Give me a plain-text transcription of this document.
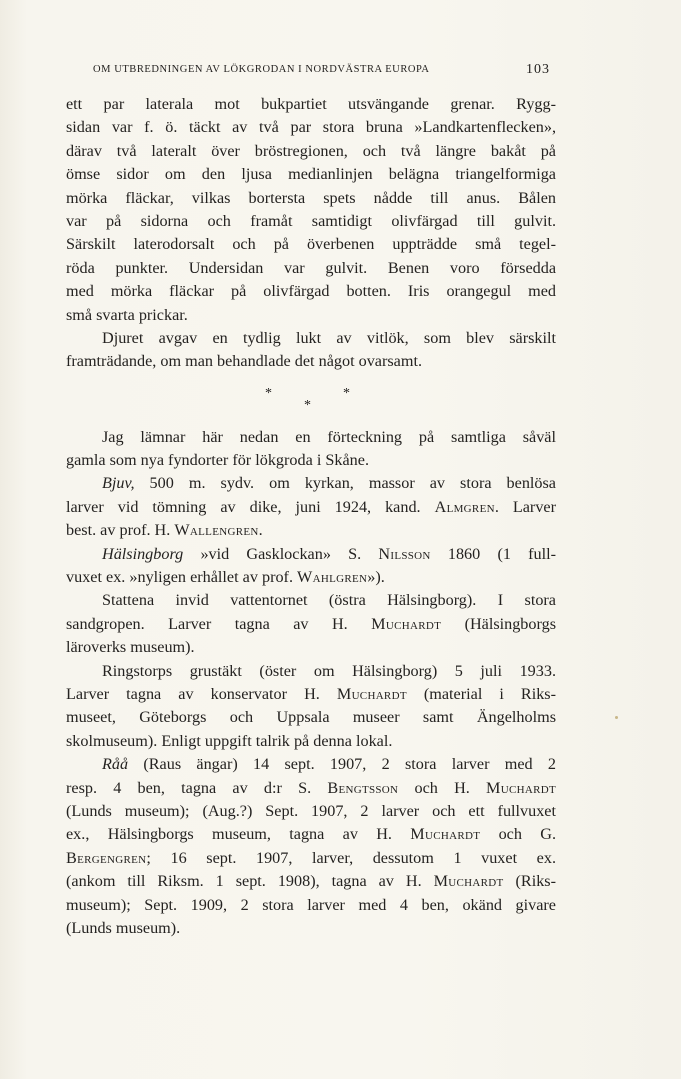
OM UTBREDNINGEN AV LÖKGRODAN I NORDVÄSTRA EUROPA	103
ett par laterala mot bukpartiet utsvängande grenar. Rygg-
sidan var f. ö. täckt av två par stora bruna »Landkartenflecken»,
därav två lateralt över bröstregionen, och två längre bakåt på
ömse sidor om den ljusa medianlinjen belägna triangelformiga
mörka fläckar, vilkas bortersta spets nådde till anus. Bålen
var på sidorna och framåt samtidigt olivfärgad till gulvit.
Särskilt laterodorsalt och på överbenen uppträdde små tegel-
röda punkter. Undersidan var gulvit. Benen voro försedda
med mörka fläckar på olivfärgad botten. Iris orangegul med
små svarta prickar.
Djuret avgav en tydlig lukt av vitlök, som blev särskilt
framträdande, om man behandlade det något ovarsamt.
*	*
*
Jag lämnar här nedan en förteckning på samtliga såväl
gamla som nya fyndorter för lökgroda i Skåne.
Bjuv, 500 m. sydv. om kyrkan, massor av stora benlösa
larver vid tömning av dike, juni 1924, kand. Almgren. Larver
best. av prof. H. Wallengren.
Hälsingborg »vid Gasklockan» S. Nilsson 1860 (1 full-
vuxet ex. »nyligen erhållet av prof. Wahlgren»).
Stattena invid vattentornet (östra Hälsingborg). I stora
sandgropen. Larver tagna av H. Muchardt (Hälsingborgs
läroverks museum).
Ringstorps grustäkt (öster om Hälsingborg) 5 juli 1933.
Larver tagna av konservator H. Muchardt (material i Riks-
museet, Göteborgs och Uppsala museer samt Ängelholms
skolmuseum). Enligt uppgift talrik på denna lokal.
Råå (Raus ängar) 14 sept. 1907, 2 stora larver med 2
resp. 4 ben, tagna av d:r S. Bengtsson och H. Muchardt
(Lunds museum); (Aug.?) Sept. 1907, 2 larver och ett fullvuxet
ex., Hälsingborgs museum, tagna av H. Muchardt och G.
Bergengren; 16 sept. 1907, larver, dessutom 1 vuxet ex.
(ankom till Riksm. 1 sept. 1908), tagna av H. Muchardt (Riks-
museum); Sept. 1909, 2 stora larver med 4 ben, okänd givare
(Lunds museum).
